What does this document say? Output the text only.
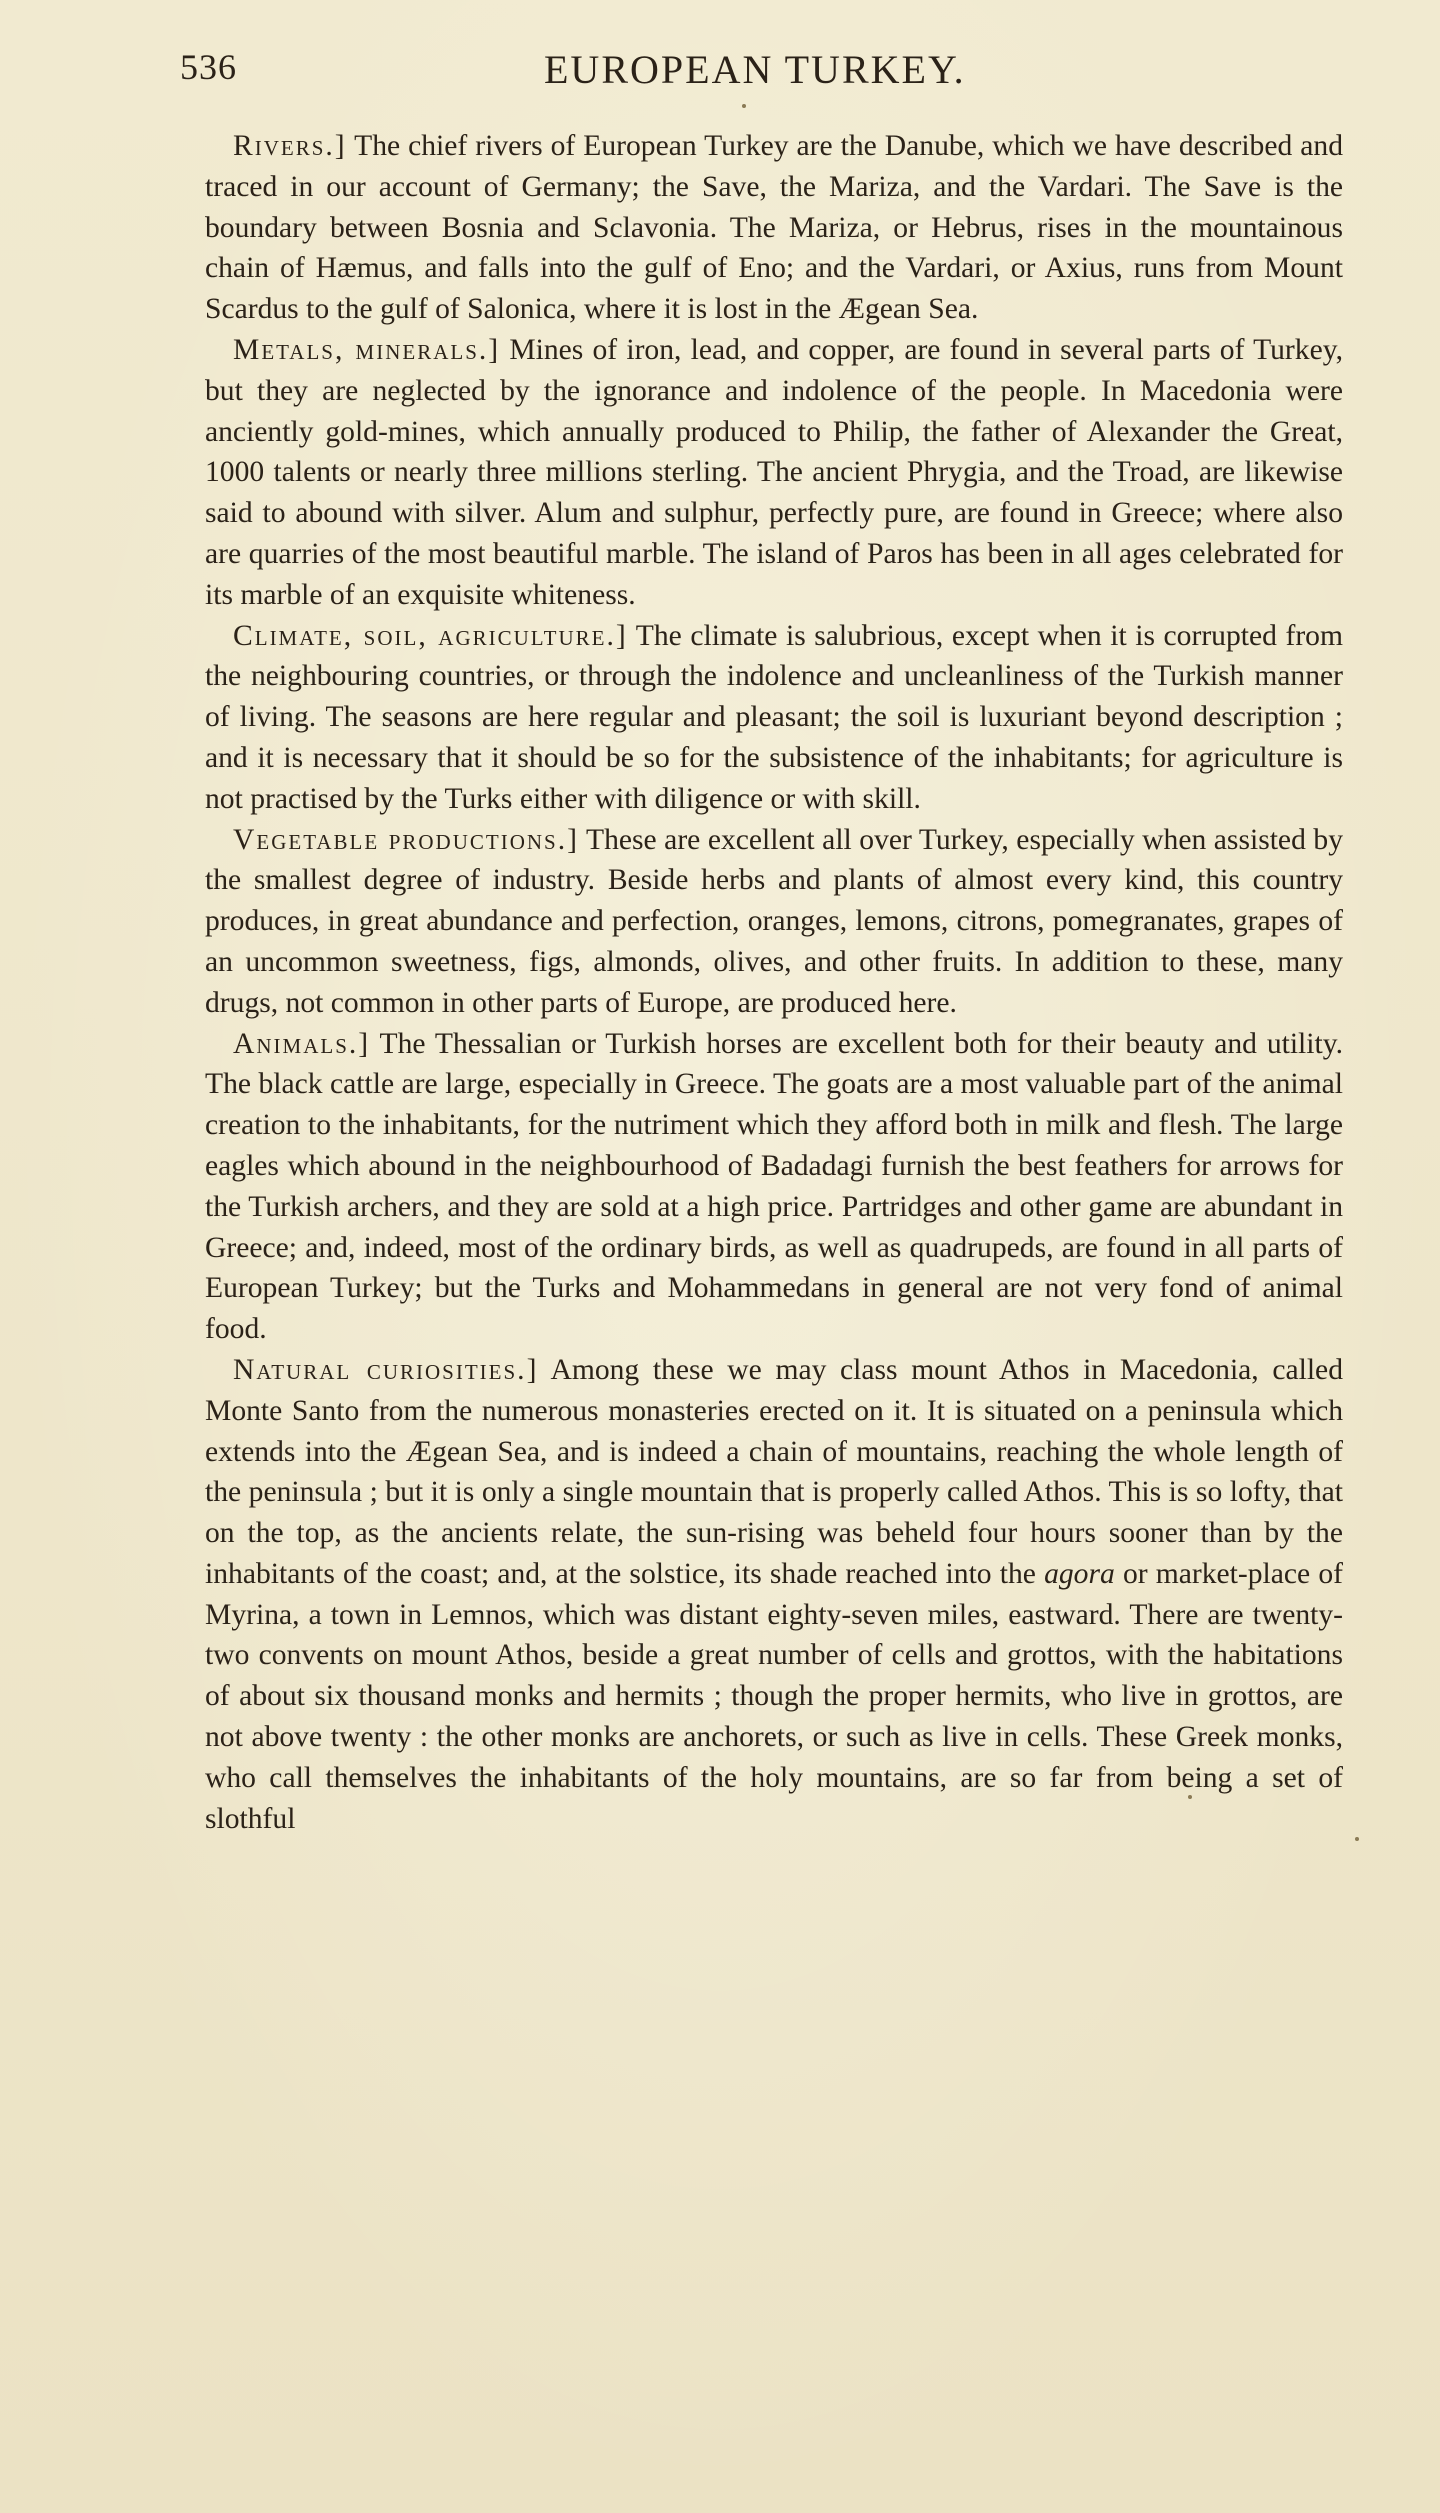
536	EUROPEAN TURKEY.

Rivers.] The chief rivers of European Turkey are the Danube, which we have described and traced in our account of Germany; the Save, the Mariza, and the Vardari. The Save is the boundary between Bosnia and Sclavonia. The Mariza, or Hebrus, rises in the mountainous chain of Hæmus, and falls into the gulf of Eno; and the Vardari, or Axius, runs from Mount Scardus to the gulf of Salonica, where it is lost in the Ægean Sea.

Metals, minerals.] Mines of iron, lead, and copper, are found in several parts of Turkey, but they are neglected by the ignorance and indolence of the people. In Macedonia were anciently gold-mines, which annually produced to Philip, the father of Alexander the Great, 1000 talents or nearly three millions sterling. The ancient Phrygia, and the Troad, are likewise said to abound with silver. Alum and sulphur, perfectly pure, are found in Greece; where also are quarries of the most beautiful marble. The island of Paros has been in all ages celebrated for its marble of an exquisite whiteness.

Climate, soil, agriculture.] The climate is salubrious, except when it is corrupted from the neighbouring countries, or through the indolence and uncleanliness of the Turkish manner of living. The seasons are here regular and pleasant; the soil is luxuriant beyond description ; and it is necessary that it should be so for the subsistence of the inhabitants; for agriculture is not practised by the Turks either with diligence or with skill.

Vegetable productions.] These are excellent all over Turkey, especially when assisted by the smallest degree of industry. Beside herbs and plants of almost every kind, this country produces, in great abundance and perfection, oranges, lemons, citrons, pomegranates, grapes of an uncommon sweetness, figs, almonds, olives, and other fruits. In addition to these, many drugs, not common in other parts of Europe, are produced here.

Animals.] The Thessalian or Turkish horses are excellent both for their beauty and utility. The black cattle are large, especially in Greece. The goats are a most valuable part of the animal creation to the inhabitants, for the nutriment which they afford both in milk and flesh. The large eagles which abound in the neighbourhood of Badadagi furnish the best feathers for arrows for the Turkish archers, and they are sold at a high price. Partridges and other game are abundant in Greece; and, indeed, most of the ordinary birds, as well as quadrupeds, are found in all parts of European Turkey; but the Turks and Mohammedans in general are not very fond of animal food.

Natural curiosities.] Among these we may class mount Athos in Macedonia, called Monte Santo from the numerous monasteries erected on it. It is situated on a peninsula which extends into the Ægean Sea, and is indeed a chain of mountains, reaching the whole length of the peninsula ; but it is only a single mountain that is properly called Athos. This is so lofty, that on the top, as the ancients relate, the sun-rising was beheld four hours sooner than by the inhabitants of the coast; and, at the solstice, its shade reached into the agora or market-place of Myrina, a town in Lemnos, which was distant eighty-seven miles, eastward. There are twenty-two convents on mount Athos, beside a great number of cells and grottos, with the habitations of about six thousand monks and hermits ; though the proper hermits, who live in grottos, are not above twenty : the other monks are anchorets, or such as live in cells. These Greek monks, who call themselves the inhabitants of the holy mountains, are so far from being a set of slothful
